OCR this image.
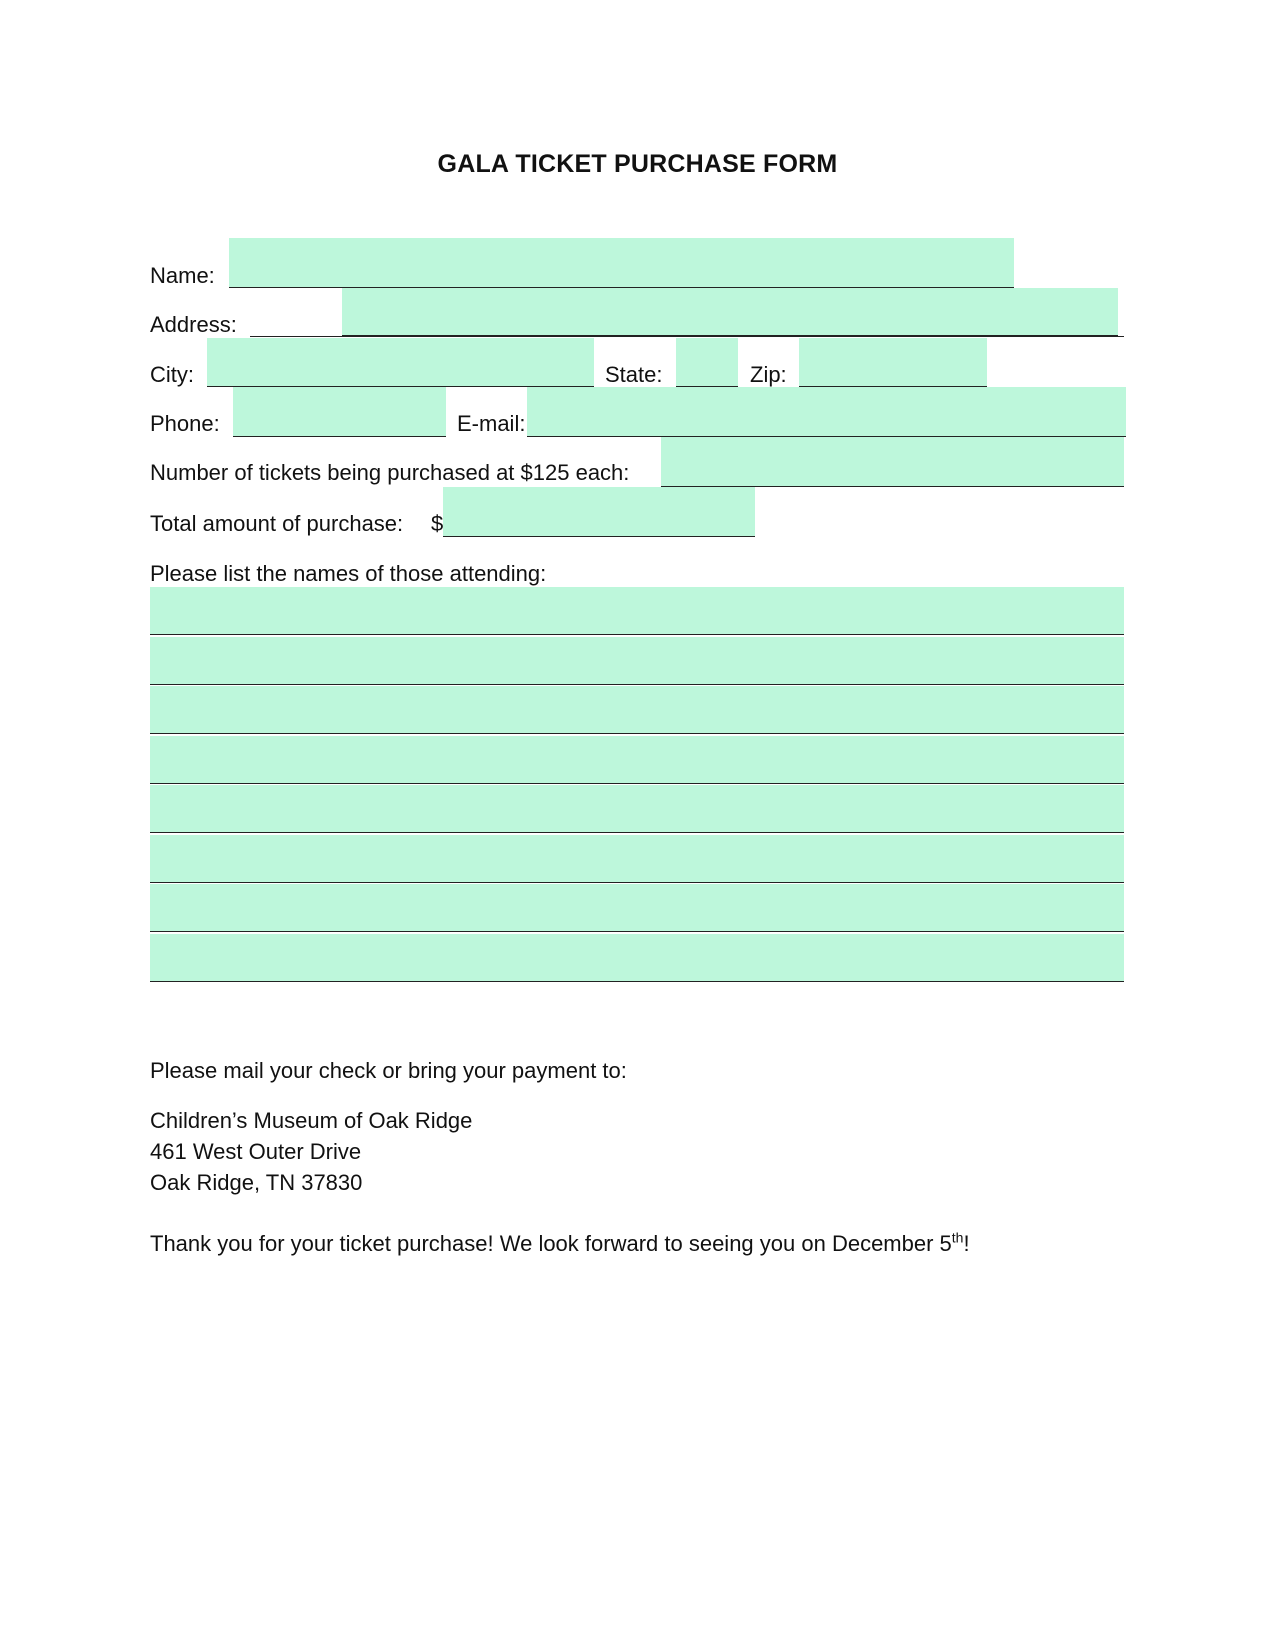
GALA TICKET PURCHASE FORM
Name:
Address:
City:	State:	Zip:
Phone:	E-mail:
Number of tickets being purchased at $125 each:
Total amount of purchase: $
Please list the names of those attending:
Please mail your check or bring your payment to:
Children’s Museum of Oak Ridge
461 West Outer Drive
Oak Ridge, TN 37830
Thank you for your ticket purchase! We look forward to seeing you on December 5th!
